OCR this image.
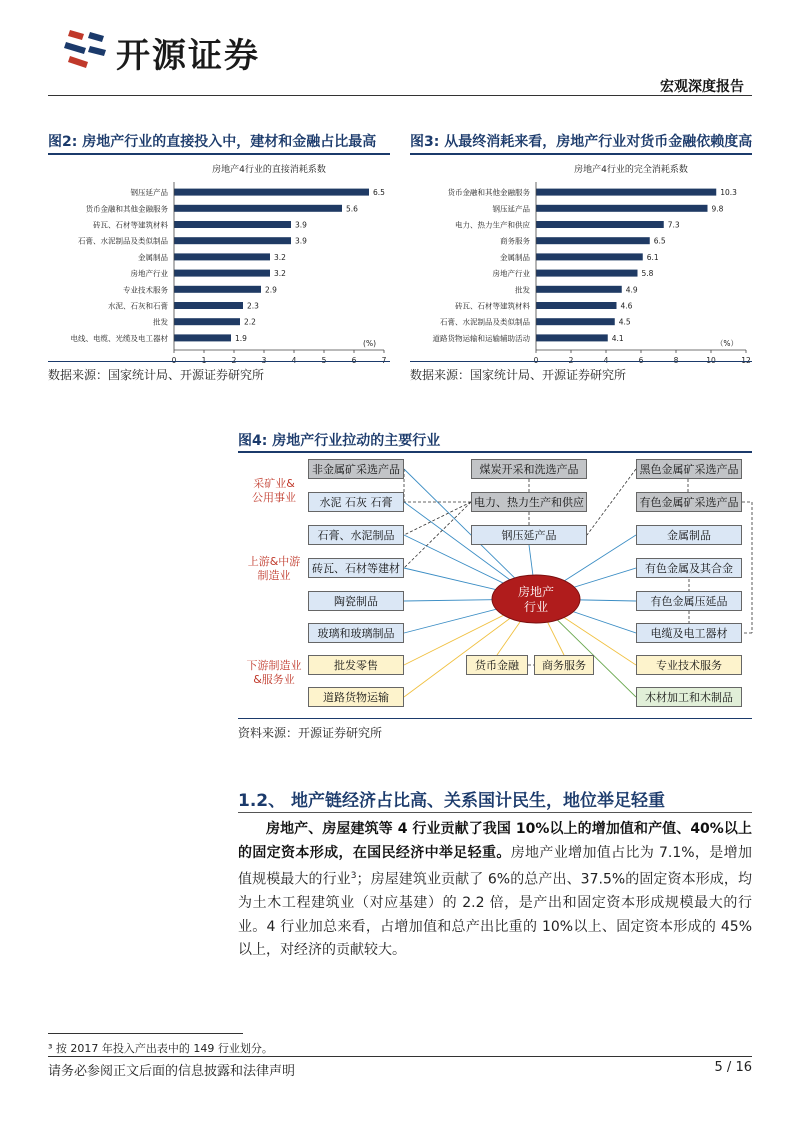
开源证券
宏观深度报告
图2: 房地产行业的直接投入中，建材和金融占比最高
房地产4行业的直接消耗系数
钢压延产品	6.5
货币金融和其他金融服务	5.6
砖瓦、石材等建筑材料	3.9
石膏、水泥制品及类似制品	3.9
金属制品	3.2
房地产行业	3.2
专业技术服务	2.9
水泥、石灰和石膏	2.3
批发	2.2
电线、电缆、光缆及电工器材	1.9
(%)
数据来源：国家统计局、开源证券研究所
图3: 从最终消耗来看，房地产行业对货币金融依赖度高
房地产4行业的完全消耗系数
货币金融和其他金融服务	10.3
钢压延产品	9.8
电力、热力生产和供应	7.3
商务服务	6.5
金属制品	6.1
房地产行业	5.8
批发	4.9
砖瓦、石材等建筑材料	4.6
石膏、水泥制品及类似制品	4.5
道路货物运输和运输辅助活动	4.1
（%）
数据来源：国家统计局、开源证券研究所
图4: 房地产行业拉动的主要行业
房地产
行业
非金属矿采选产品
水泥 石灰 石膏
石膏、水泥制品
砖瓦、石材等建材
陶瓷制品
玻璃和玻璃制品
批发零售
道路货物运输
煤炭开采和洗选产品
电力、热力生产和供应
钢压延产品
货币金融	商务服务
黑色金属矿采选产品
有色金属矿采选产品
金属制品
有色金属及其合金
有色金属压延品
电缆及电工器材
专业技术服务
木材加工和木制品
采矿业&
公用事业
上游&中游
制造业
下游制造业
&服务业
资料来源：开源证券研究所
1.2、 地产链经济占比高、关系国计民生，地位举足轻重
房地产、房屋建筑等 4 行业贡献了我国 10%以上的增加值和产值、40%以上的固定资本形成，在国民经济中举足轻重。房地产业增加值占比为 7.1%，是增加值规模最大的行业$^3$；房屋建筑业贡献了 6%的总产出、37.5%的固定资本形成，均为土木工程建筑业（对应基建）的 2.2 倍，是产出和固定资本形成规模最大的行业。4 行业加总来看，占增加值和总产出比重的 10%以上、固定资本形成的 45%以上，对经济的贡献较大。
³ 按 2017 年投入产出表中的 149 行业划分。
请务必参阅正文后面的信息披露和法律声明	5 / 16
